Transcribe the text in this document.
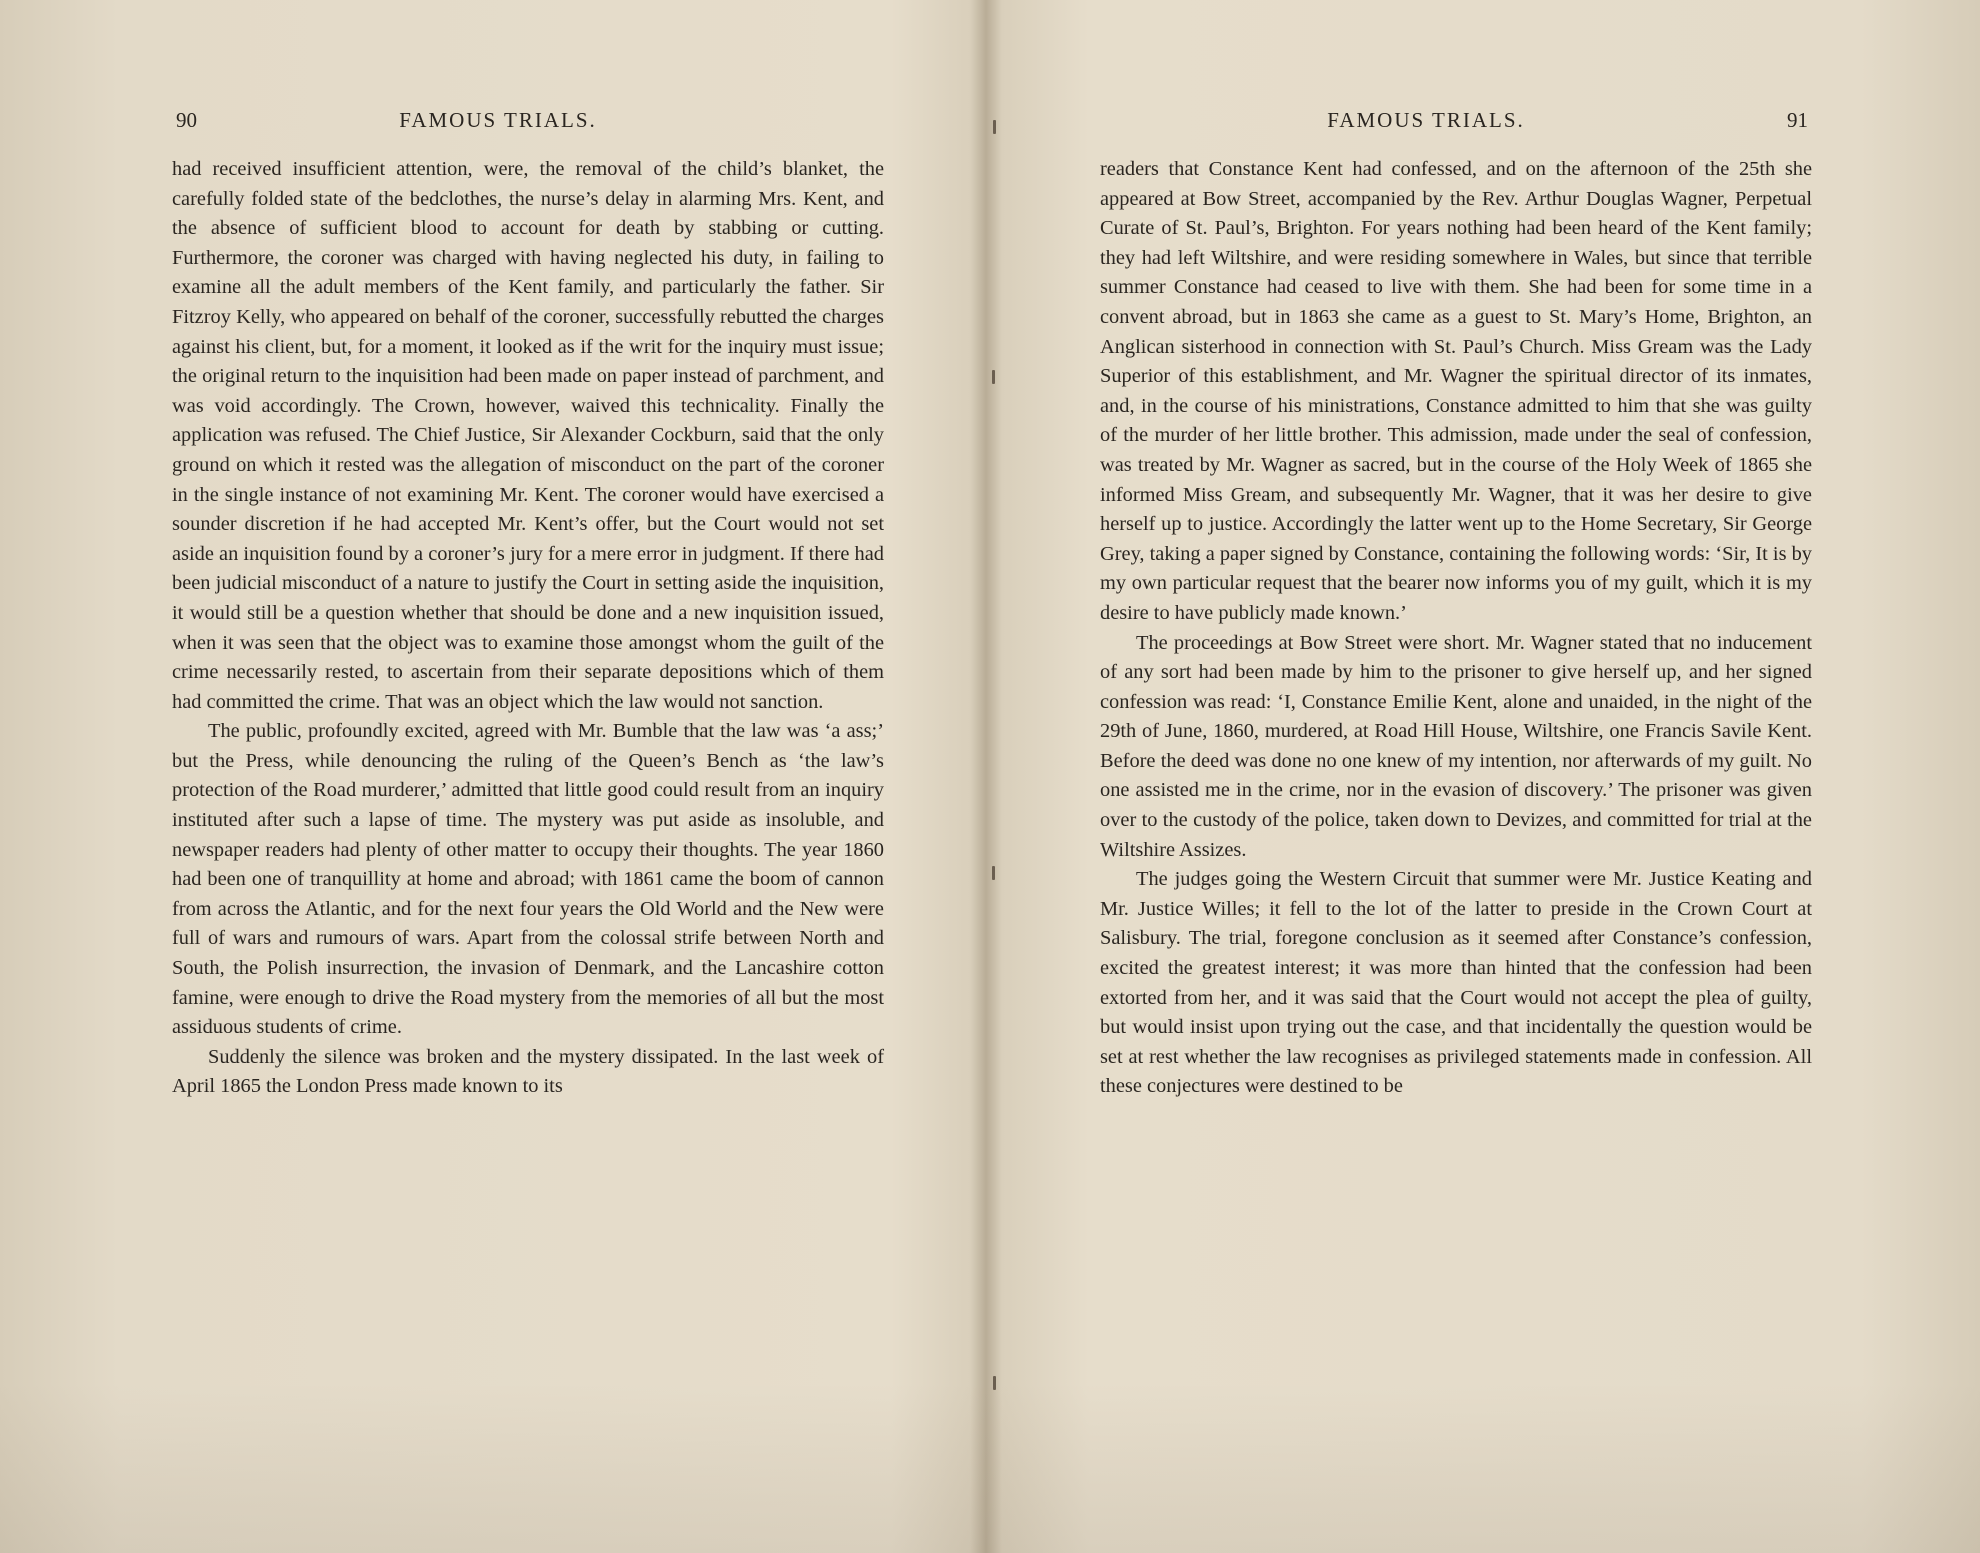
90	FAMOUS TRIALS.

had received insufficient attention, were, the removal of the child’s blanket, the carefully folded state of the bedclothes, the nurse’s delay in alarming Mrs. Kent, and the absence of sufficient blood to account for death by stabbing or cutting. Furthermore, the coroner was charged with having neglected his duty, in failing to examine all the adult members of the Kent family, and particularly the father. Sir Fitzroy Kelly, who appeared on behalf of the coroner, successfully rebutted the charges against his client, but, for a moment, it looked as if the writ for the inquiry must issue; the original return to the inquisition had been made on paper instead of parchment, and was void accordingly. The Crown, however, waived this technicality. Finally the application was refused. The Chief Justice, Sir Alexander Cockburn, said that the only ground on which it rested was the allegation of misconduct on the part of the coroner in the single instance of not examining Mr. Kent. The coroner would have exercised a sounder discretion if he had accepted Mr. Kent’s offer, but the Court would not set aside an inquisition found by a coroner’s jury for a mere error in judgment. If there had been judicial misconduct of a nature to justify the Court in setting aside the inquisition, it would still be a question whether that should be done and a new inquisition issued, when it was seen that the object was to examine those amongst whom the guilt of the crime necessarily rested, to ascertain from their separate depositions which of them had committed the crime. That was an object which the law would not sanction.

The public, profoundly excited, agreed with Mr. Bumble that the law was ‘a ass;’ but the Press, while denouncing the ruling of the Queen’s Bench as ‘the law’s protection of the Road murderer,’ admitted that little good could result from an inquiry instituted after such a lapse of time. The mystery was put aside as insoluble, and newspaper readers had plenty of other matter to occupy their thoughts. The year 1860 had been one of tranquillity at home and abroad; with 1861 came the boom of cannon from across the Atlantic, and for the next four years the Old World and the New were full of wars and rumours of wars. Apart from the colossal strife between North and South, the Polish insurrection, the invasion of Denmark, and the Lancashire cotton famine, were enough to drive the Road mystery from the memories of all but the most assiduous students of crime.

Suddenly the silence was broken and the mystery dissipated. In the last week of April 1865 the London Press made known to its

FAMOUS TRIALS.	91

readers that Constance Kent had confessed, and on the afternoon of the 25th she appeared at Bow Street, accompanied by the Rev. Arthur Douglas Wagner, Perpetual Curate of St. Paul’s, Brighton. For years nothing had been heard of the Kent family; they had left Wiltshire, and were residing somewhere in Wales, but since that terrible summer Constance had ceased to live with them. She had been for some time in a convent abroad, but in 1863 she came as a guest to St. Mary’s Home, Brighton, an Anglican sisterhood in connection with St. Paul’s Church. Miss Gream was the Lady Superior of this establishment, and Mr. Wagner the spiritual director of its inmates, and, in the course of his ministrations, Constance admitted to him that she was guilty of the murder of her little brother. This admission, made under the seal of confession, was treated by Mr. Wagner as sacred, but in the course of the Holy Week of 1865 she informed Miss Gream, and subsequently Mr. Wagner, that it was her desire to give herself up to justice. Accordingly the latter went up to the Home Secretary, Sir George Grey, taking a paper signed by Constance, containing the following words: ‘Sir, It is by my own particular request that the bearer now informs you of my guilt, which it is my desire to have publicly made known.’

The proceedings at Bow Street were short. Mr. Wagner stated that no inducement of any sort had been made by him to the prisoner to give herself up, and her signed confession was read: ‘I, Constance Emilie Kent, alone and unaided, in the night of the 29th of June, 1860, murdered, at Road Hill House, Wiltshire, one Francis Savile Kent. Before the deed was done no one knew of my intention, nor afterwards of my guilt. No one assisted me in the crime, nor in the evasion of discovery.’ The prisoner was given over to the custody of the police, taken down to Devizes, and committed for trial at the Wiltshire Assizes.

The judges going the Western Circuit that summer were Mr. Justice Keating and Mr. Justice Willes; it fell to the lot of the latter to preside in the Crown Court at Salisbury. The trial, foregone conclusion as it seemed after Constance’s confession, excited the greatest interest; it was more than hinted that the confession had been extorted from her, and it was said that the Court would not accept the plea of guilty, but would insist upon trying out the case, and that incidentally the question would be set at rest whether the law recognises as privileged statements made in confession. All these conjectures were destined to be
